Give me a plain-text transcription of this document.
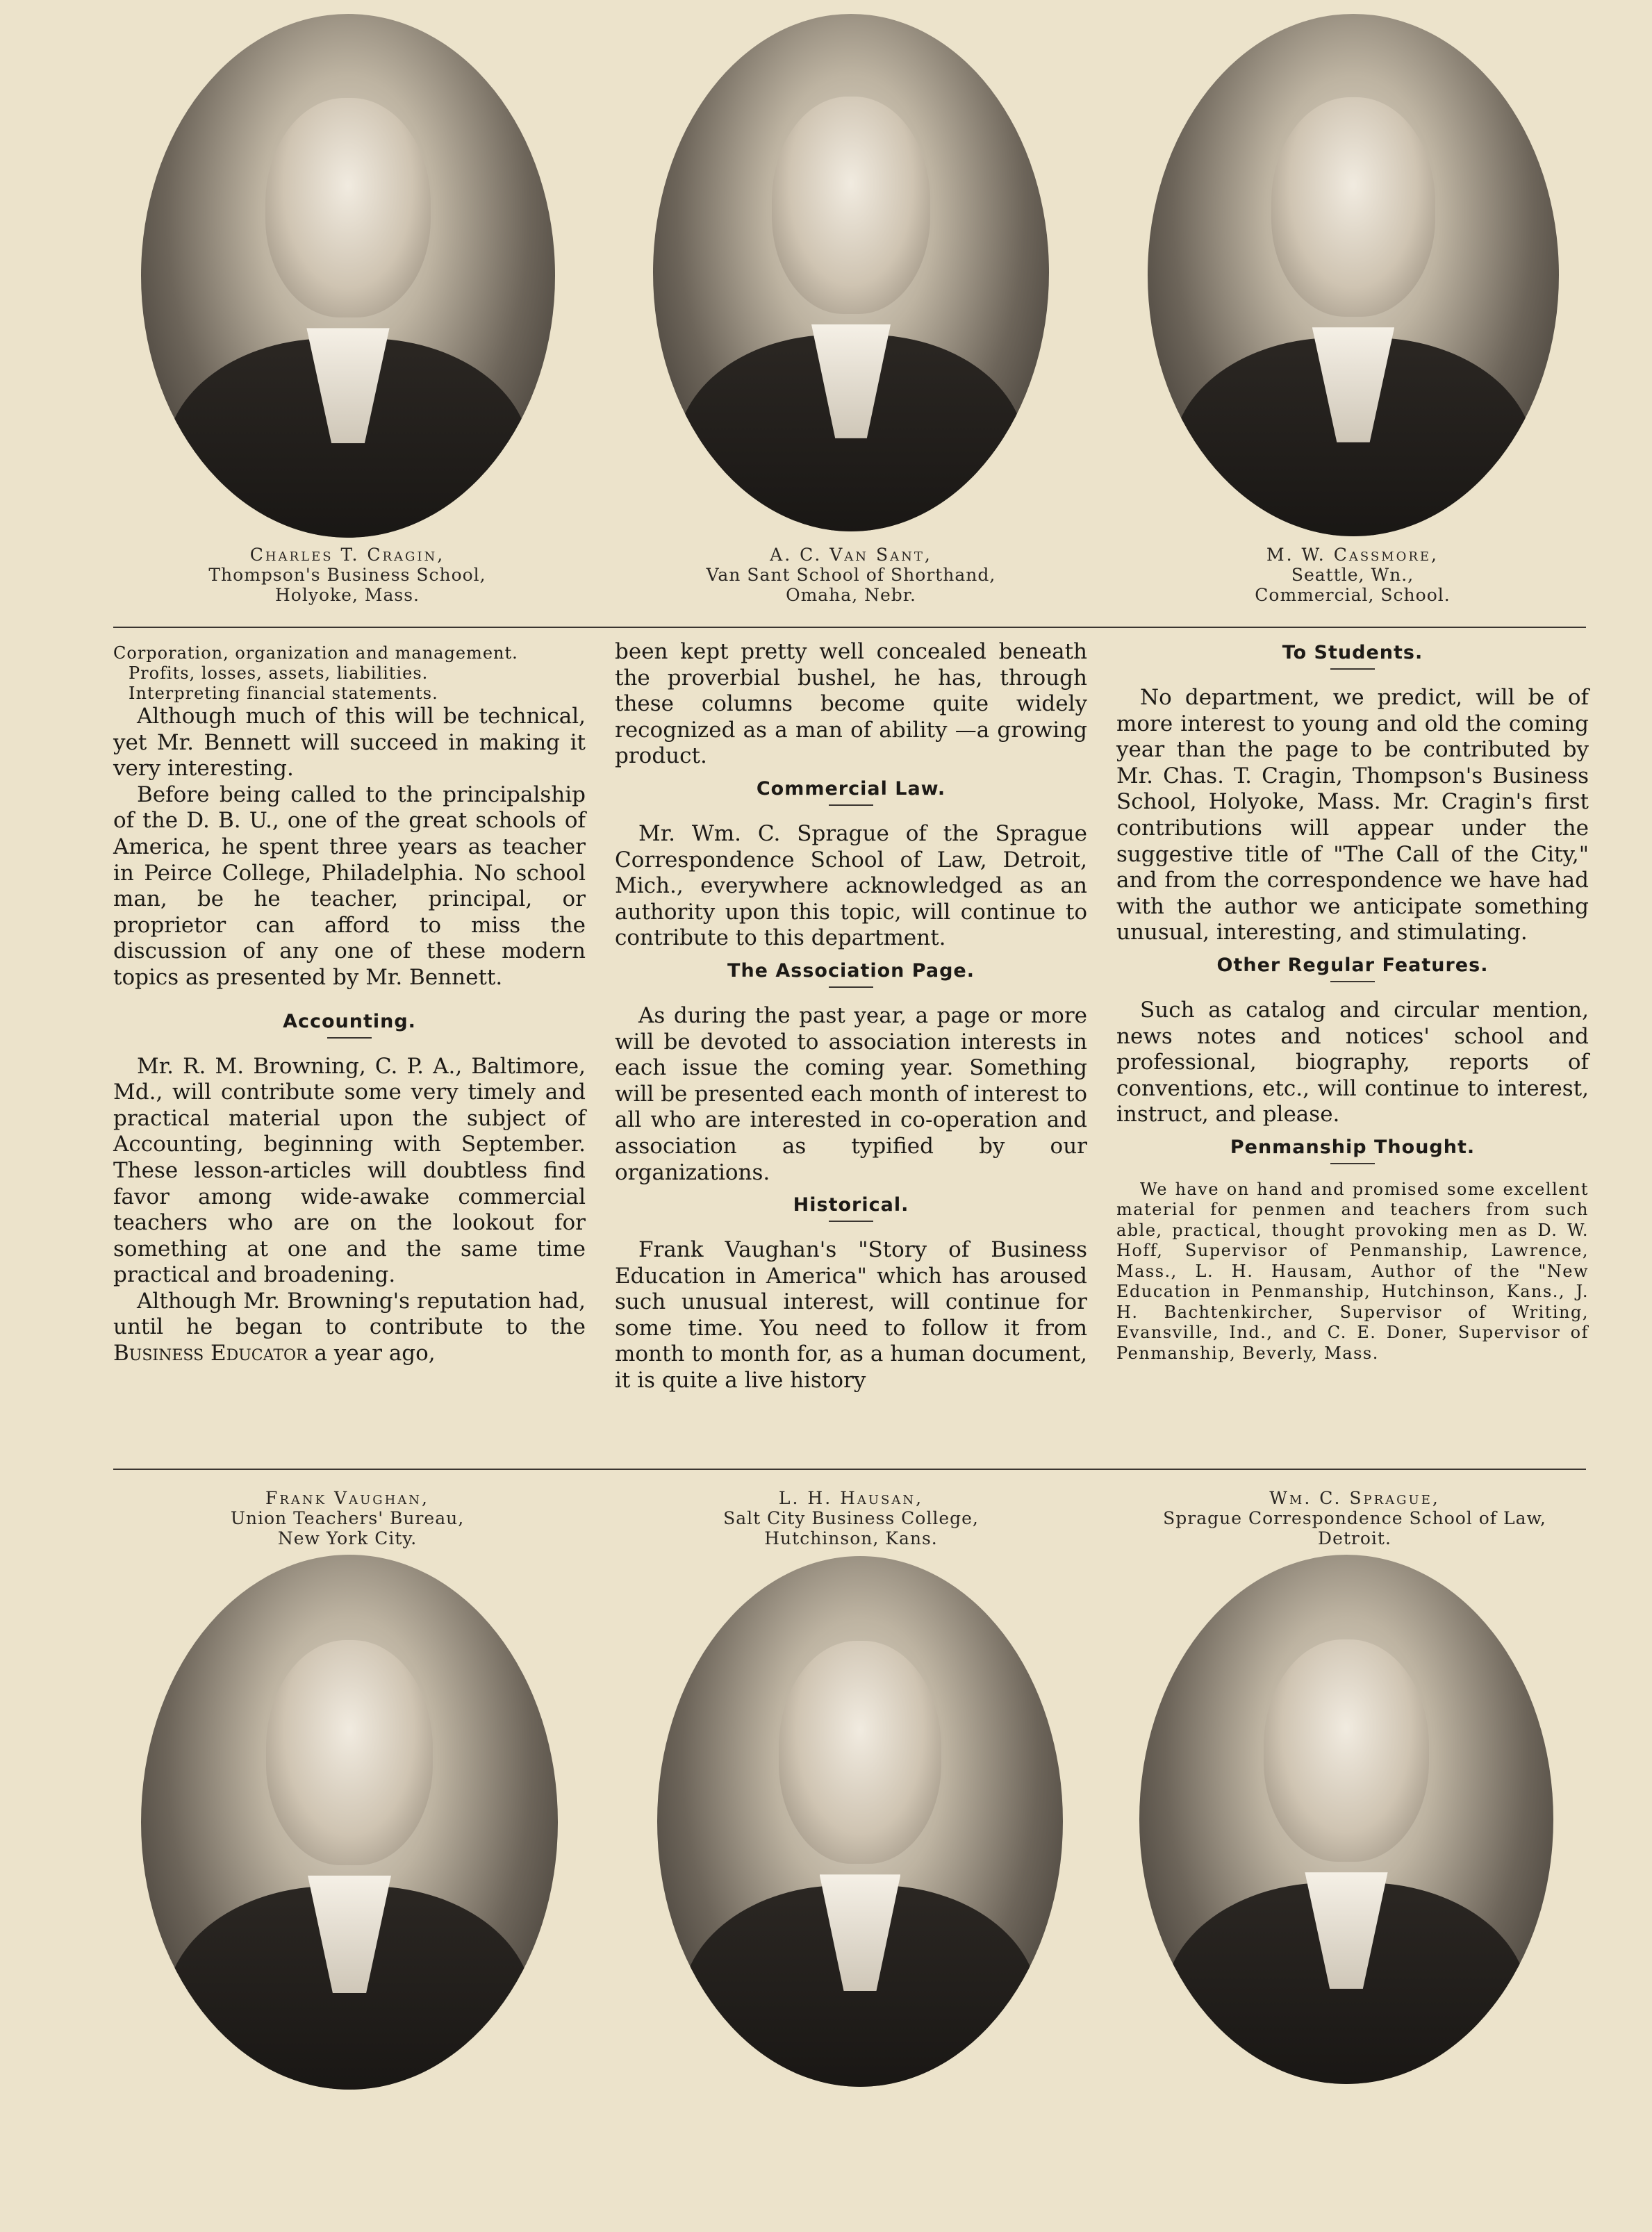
Charles T. Cragin,
Thompson's Business School,
Holyoke, Mass.
A. C. Van Sant,
Van Sant School of Shorthand,
Omaha, Nebr.
M. W. Cassmore,
Seattle, Wn.,
Commercial, School.

Corporation, organization and management.

Profits, losses, assets, liabilities.

Interpreting financial statements.

Although much of this will be technical, yet Mr. Bennett will succeed in making it very interesting.

Before being called to the principalship of the D. B. U., one of the great schools of America, he spent three years as teacher in Peirce College, Philadelphia. No school man, be he teacher, principal, or proprietor can afford to miss the discussion of any one of these modern topics as presented by Mr. Bennett.

Accounting.

Mr. R. M. Browning, C. P. A., Baltimore, Md., will contribute some very timely and practical material upon the subject of Accounting, beginning with September. These lesson-articles will doubtless find favor among wide-awake commercial teachers who are on the lookout for something at one and the same time practical and broadening.

Although Mr. Browning's reputation had, until he began to contribute to the Business Educator a year ago,

been kept pretty well concealed beneath the proverbial bushel, he has, through these columns become quite widely recognized as a man of ability —a growing product.

Commercial Law.

Mr. Wm. C. Sprague of the Sprague Correspondence School of Law, Detroit, Mich., everywhere acknowledged as an authority upon this topic, will continue to contribute to this department.

The Association Page.

As during the past year, a page or more will be devoted to association interests in each issue the coming year. Something will be presented each month of interest to all who are interested in co-operation and association as typified by our organizations.

Historical.

Frank Vaughan's "Story of Business Education in America" which has aroused such unusual interest, will continue for some time. You need to follow it from month to month for, as a human document, it is quite a live history

To Students.

No department, we predict, will be of more interest to young and old the coming year than the page to be contributed by Mr. Chas. T. Cragin, Thompson's Business School, Holyoke, Mass. Mr. Cragin's first contributions will appear under the suggestive title of "The Call of the City," and from the correspondence we have had with the author we anticipate something unusual, interesting, and stimulating.

Other Regular Features.

Such as catalog and circular mention, news notes and notices' school and professional, biography, reports of conventions, etc., will continue to interest, instruct, and please.

Penmanship Thought.

We have on hand and promised some excellent material for penmen and teachers from such able, practical, thought provoking men as D. W. Hoff, Supervisor of Penmanship, Lawrence, Mass., L. H. Hausam, Author of the "New Education in Penmanship, Hutchinson, Kans., J. H. Bachtenkircher, Supervisor of Writing, Evansville, Ind., and C. E. Doner, Supervisor of Penmanship, Beverly, Mass.

Frank Vaughan,
Union Teachers' Bureau,
New York City.
L. H. Hausan,
Salt City Business College,
Hutchinson, Kans.
Wm. C. Sprague,
Sprague Correspondence School of Law,
Detroit.
